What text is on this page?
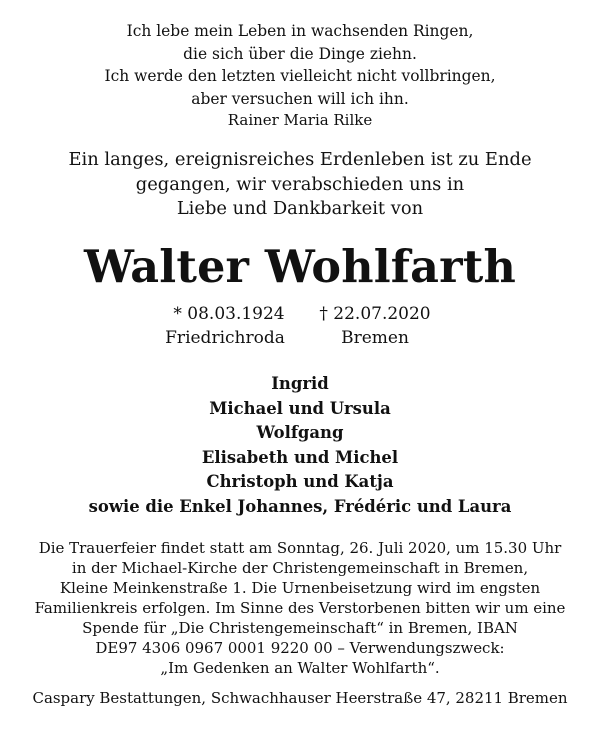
Ich lebe mein Leben in wachsenden Ringen,
die sich über die Dinge ziehn.
Ich werde den letzten vielleicht nicht vollbringen,
aber versuchen will ich ihn.
Rainer Maria Rilke
Ein langes, ereignisreiches Erdenleben ist zu Ende
gegangen, wir verabschieden uns in
Liebe und Dankbarkeit von
Walter Wohlfarth
* 08.03.1924
Friedrichroda
† 22.07.2020
Bremen
Ingrid
Michael und Ursula
Wolfgang
Elisabeth und Michel
Christoph und Katja
sowie die Enkel Johannes, Frédéric und Laura
Die Trauerfeier findet statt am Sonntag, 26. Juli 2020, um 15.30 Uhr
in der Michael-Kirche der Christengemeinschaft in Bremen,
Kleine Meinkenstraße 1. Die Urnenbeisetzung wird im engsten
Familienkreis erfolgen. Im Sinne des Verstorbenen bitten wir um eine
Spende für „Die Christengemeinschaft“ in Bremen, IBAN
DE97 4306 0967 0001 9220 00 – Verwendungszweck:
„Im Gedenken an Walter Wohlfarth“.
Caspary Bestattungen, Schwachhauser Heerstraße 47, 28211 Bremen
